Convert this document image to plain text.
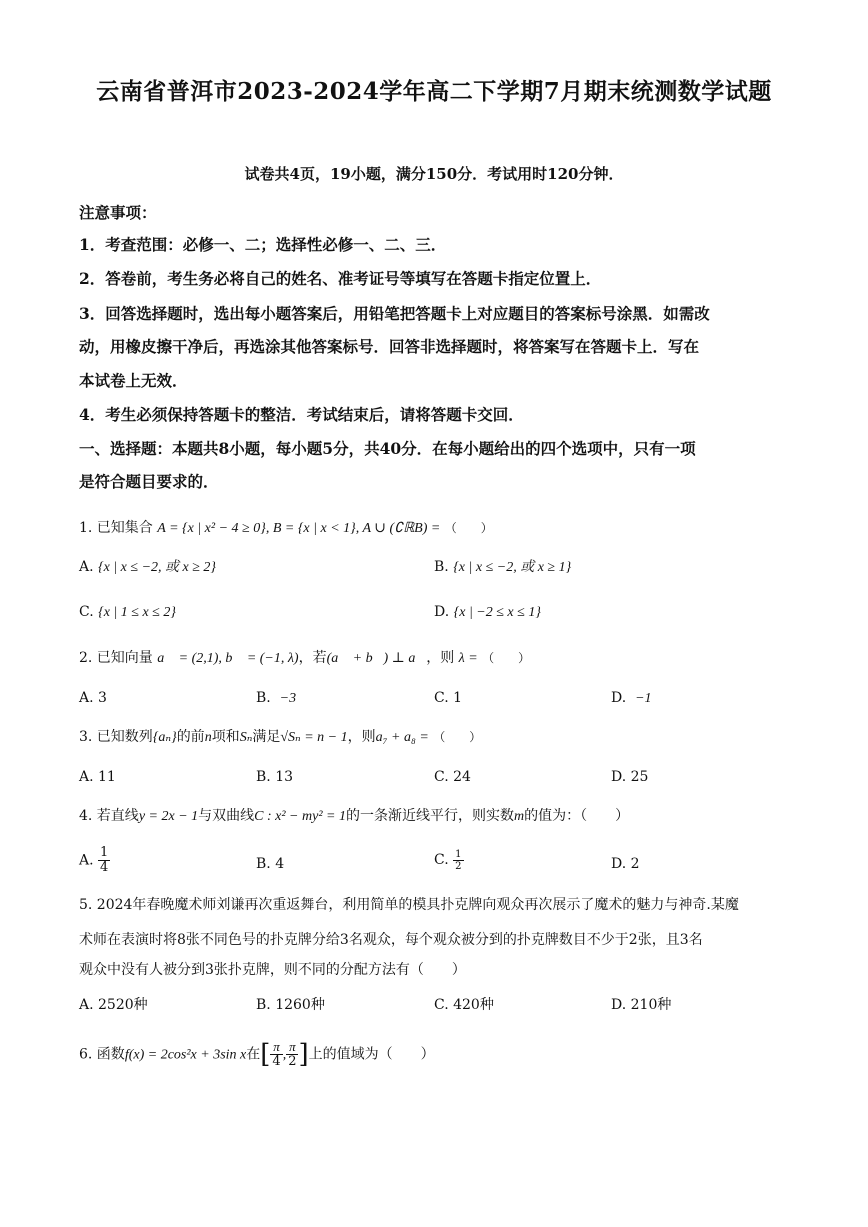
云南省普洱市2023-2024学年高二下学期7月期末统测数学试题
试卷共4页，19小题，满分150分．考试用时120分钟．
注意事项：
1．考查范围：必修一、二；选择性必修一、二、三．
2．答卷前，考生务必将自己的姓名、准考证号等填写在答题卡指定位置上．
3．回答选择题时，选出每小题答案后，用铅笔把答题卡上对应题目的答案标号涂黑．如需改
动，用橡皮擦干净后，再选涂其他答案标号．回答非选择题时，将答案写在答题卡上．写在
本试卷上无效．
4．考生必须保持答题卡的整洁．考试结束后，请将答题卡交回．
一、选择题：本题共8小题，每小题5分，共40分．在每小题给出的四个选项中，只有一项
是符合题目要求的．
1. 已知集合 A = {x | x² − 4 ≥ 0}, B = {x | x < 1}, A ∪ (∁ℝB) = （　　）
A. {x | x ≤ −2, 或 x ≥ 2}	B. {x | x ≤ −2, 或 x ≥ 1}
C. {x | 1 ≤ x ≤ 2}	D. {x | −2 ≤ x ≤ 1}
2. 已知向量 a⃗ = (2,1), b⃗ = (−1, λ)，若(a⃗ + b⃗) ⊥ a⃗，则 λ = （　　）
A. 3	B. −3	C. 1	D. −1
3. 已知数列{aₙ}的前n项和Sₙ满足√Sₙ = n − 1，则a₇ + a₈ = （　　）
A. 11	B. 13	C. 24	D. 25
4. 若直线y = 2x − 1与双曲线C : x² − my² = 1的一条渐近线平行，则实数m的值为：（　　）
A. $\frac{1}{4}$	B. 4	C. $\frac{1}{2}$	D. 2
5. 2024年春晚魔术师刘谦再次重返舞台，利用简单的模具扑克牌向观众再次展示了魔术的魅力与神奇.某魔
术师在表演时将8张不同色号的扑克牌分给3名观众，每个观众被分到的扑克牌数目不少于2张，且3名
观众中没有人被分到3张扑克牌，则不同的分配方法有（　　）
A. 2520种	B. 1260种	C. 420种	D. 210种
6. 函数f(x) = 2cos²x + 3sin x在[ $\frac{\pi}{4}$ , $\frac{\pi}{2}$ ]上的值域为（　　）
